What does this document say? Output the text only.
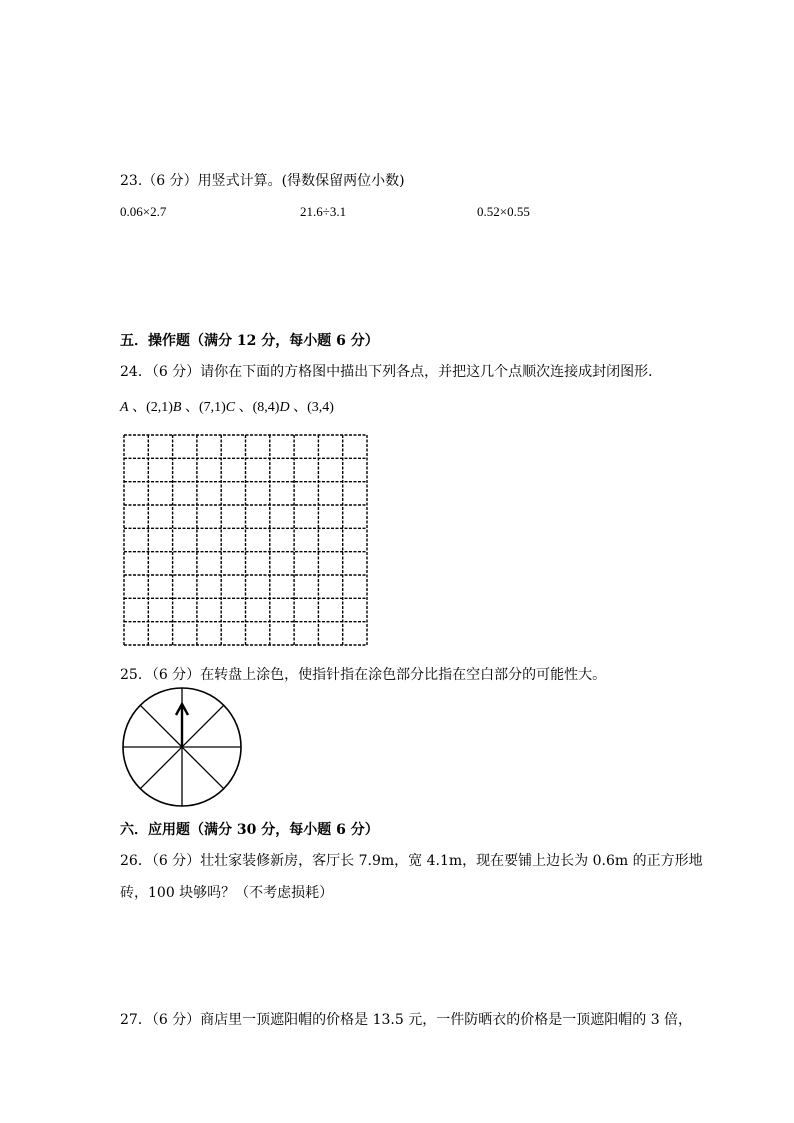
23.（6 分）用竖式计算。(得数保留两位小数)
0.06×2.7	21.6÷3.1	0.52×0.55
五．操作题（满分 12 分，每小题 6 分）
24．（6 分）请你在下面的方格图中描出下列各点，并把这几个点顺次连接成封闭图形．
A 、(2,1)B 、(7,1)C 、(8,4)D 、(3,4)
25．（6 分）在转盘上涂色，使指针指在涂色部分比指在空白部分的可能性大。
六．应用题（满分 30 分，每小题 6 分）
26．（6 分）壮壮家装修新房，客厅长 7.9m，宽 4.1m，现在要铺上边长为 0.6m 的正方形地
砖，100 块够吗？（不考虑损耗）
27．（6 分）商店里一顶遮阳帽的价格是 13.5 元，一件防晒衣的价格是一顶遮阳帽的 3 倍，
